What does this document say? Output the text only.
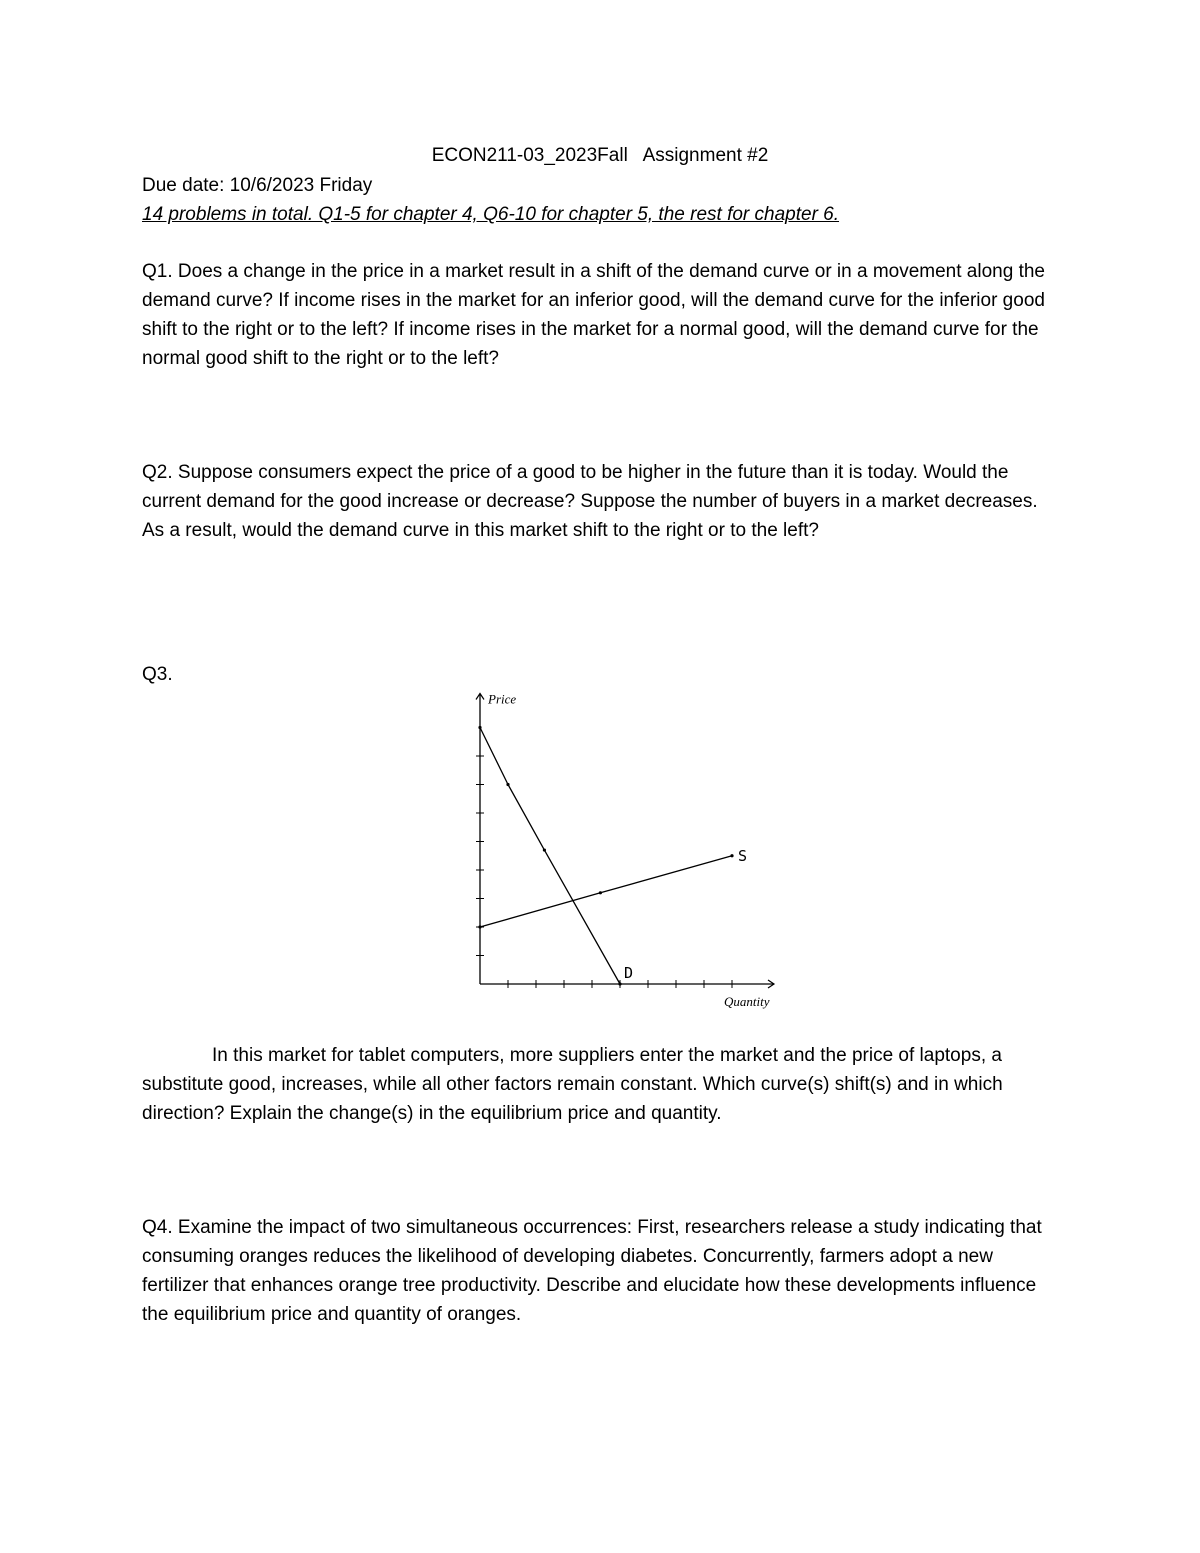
ECON211-03_2023Fall   Assignment #2
Due date: 10/6/2023 Friday
14 problems in total. Q1-5 for chapter 4, Q6-10 for chapter 5, the rest for chapter 6.
Q1. Does a change in the price in a market result in a shift of the demand curve or in a movement along the demand curve? If income rises in the market for an inferior good, will the demand curve for the inferior good shift to the right or to the left? If income rises in the market for a normal good, will the demand curve for the normal good shift to the right or to the left?
Q2. Suppose consumers expect the price of a good to be higher in the future than it is today. Would the current demand for the good increase or decrease? Suppose the number of buyers in a market decreases. As a result, would the demand curve in this market shift to the right or to the left?
Q3.
D
S
Price
Quantity
In this market for tablet computers, more suppliers enter the market and the price of laptops, a substitute good, increases, while all other factors remain constant. Which curve(s) shift(s) and in which direction? Explain the change(s) in the equilibrium price and quantity.
Q4. Examine the impact of two simultaneous occurrences: First, researchers release a study indicating that consuming oranges reduces the likelihood of developing diabetes. Concurrently, farmers adopt a new fertilizer that enhances orange tree productivity. Describe and elucidate how these developments influence the equilibrium price and quantity of oranges.
